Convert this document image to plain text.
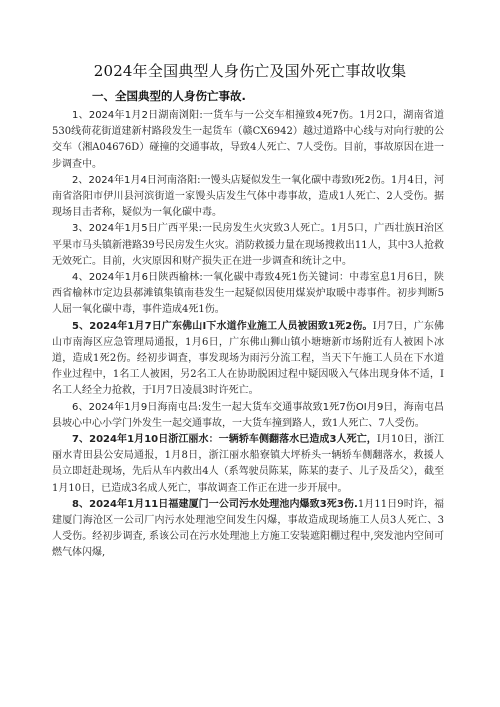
2024年全国典型人身伤亡及国外死亡事故收集
一、全国典型的人身伤亡事故.

1、2024年1月2日湖南浏阳:一货车与一公交车相撞致4死7伤。1月2口，湖南省道530线荷花街道建新村路段发生一起货车（赣CX6942）越过道路中心线与对向行驶的公交车（湘A04676D）碰撞的交通事故，导致4人死亡、7人受伤。目前，事故原因在进一步调查中。

2、2024年1月4日河南洛阳:一馒头店疑似发生一氧化碳中毒致I死2伤。1月4日，河南省洛阳市伊川县河滨街道一家馒头店发生气体中毒事故，造成1人死亡、2人受伤。据现场目击者称，疑似为一氧化碳中毒。

3、2024年1月5日广西平果:一民房发生火灾致3人死亡。1月5口，广西壮族H治区平果市马头镇新港路39号民房发生火灾。消防救援力量在现场搜救出11人，其中3人抢救无效死亡。目前，火灾原因和财产损失正在进一步调查和统计之中。

4、2024年1月6日陕西榆林:一氧化碳中毒致4死1伤关键词：中毒室息1月6日，陕西省榆林市定边县郝滩镇集镇南巷发生一起疑似因使用煤炭炉取暖中毒事件。初步判断5人屈一氧化碳中毒，事件造成4死1伤。

5、2024年1月7日广东佛山I下水道作业施工人员被困致1死2伤。I月7日，广东佛山市南海区应急管理局通报，1月6日，广东佛山狮山镇小塘塘新市场附近有人被困卜冰道，造成1死2伤。经初步调査，事发现场为雨污分流工程，当天下午施工人员在下水道作业过程中，1名工人被困，另2名工人在协助脱困过程中疑因吸入气体出现身体不适，I名工人经全力抢救，于I月7日凌晨3时许死亡。

6、2024年1月9日海南屯昌:发生一起大货车交通事故致1死7伤OI月9日，海南屯昌县坡心中心小学门外发生一起交通事故，一大货车撞到路人，致1人死亡、7人受伤。

7、2024年1月10日浙江丽水：一辆轿车侧翻落水已造成3人死亡，I月10日，浙江丽水青田县公安局通报，1月8日，浙江丽水船寮镇大坪桥头一辆轿车侧翻落水，救援人员立即赶赴现场，先后从车内救出4人（系驾驶员陈某，陈某的妻子、儿子及岳父），截至1月10日，已造成3名成人死亡，事故调查工作正在进一步开展中。

8、2024年1月11日福建厦门一公司污水处理池内爆致3死3伤.1月11日9时许，福建厦门海沧区一公司厂内污水处理池空间发生闪爆，事故造成现场施工人员3人死亡、3人受伤。经初步调査, 系该公司在污水处理池上方施工安装遮阳棚过程中,突发池内空间可燃气体闪爆,
